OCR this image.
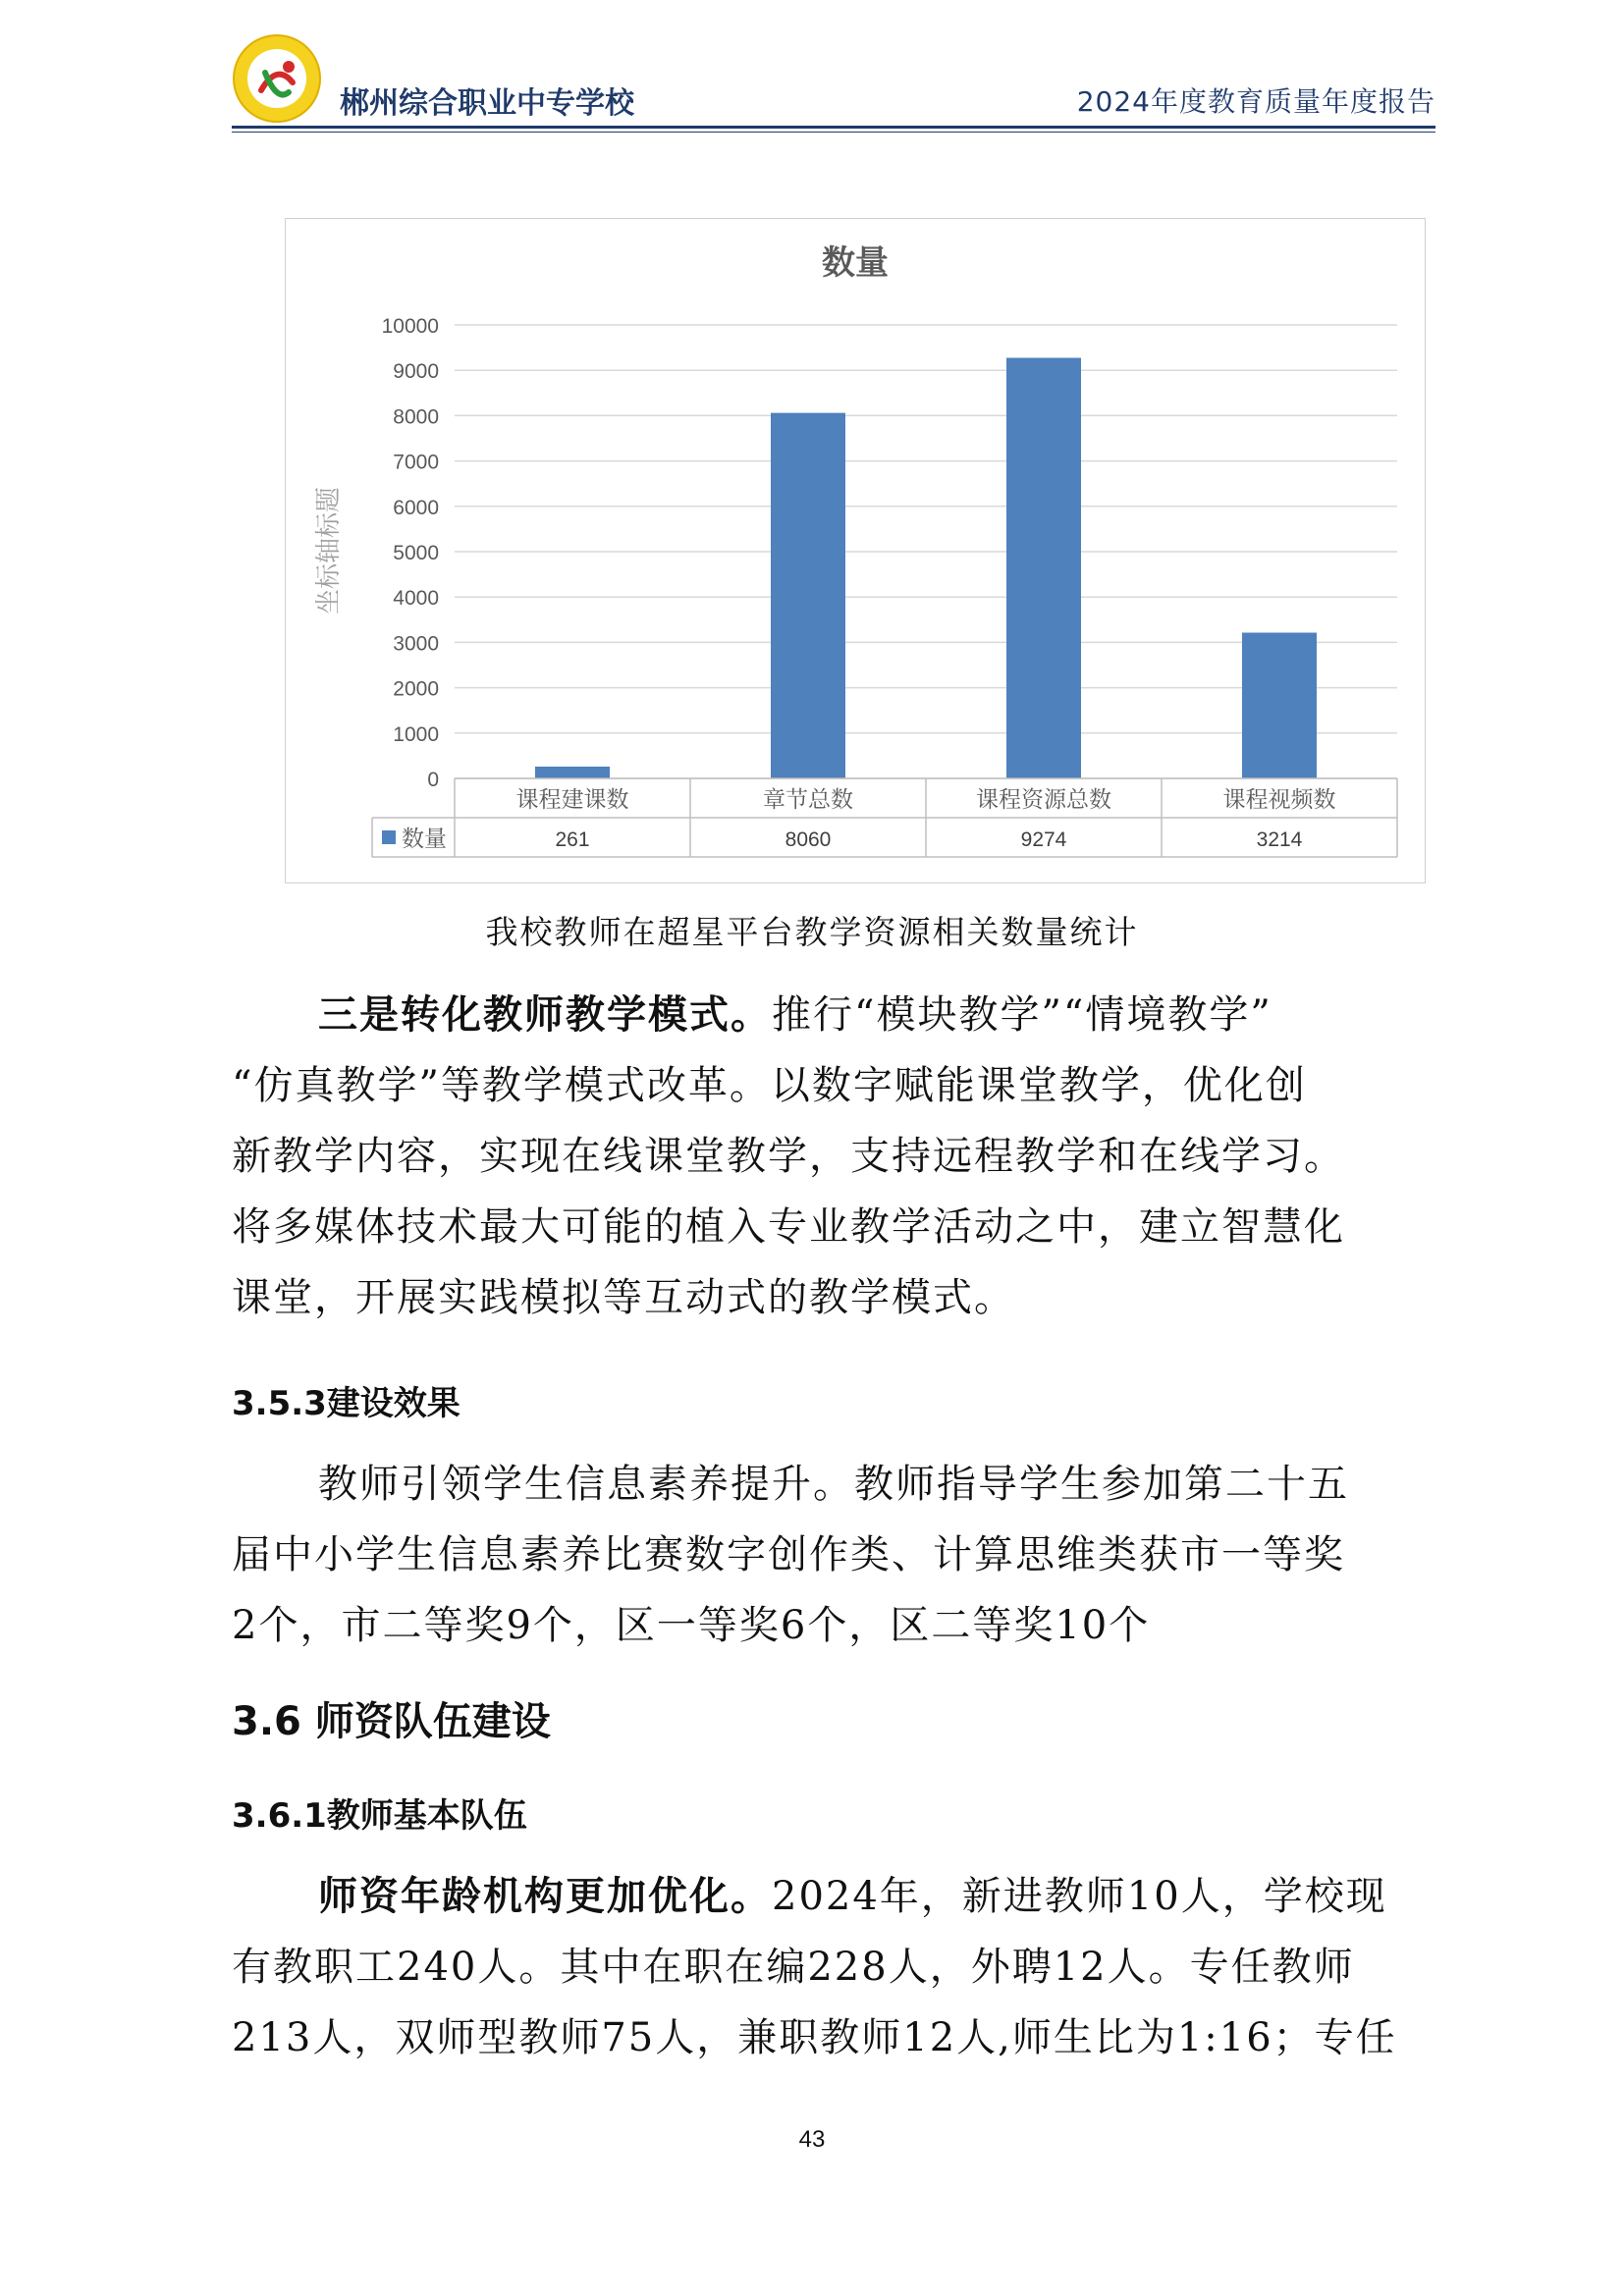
郴州综合职业中专学校	2024年度教育质量年度报告
数量
坐标轴标题
0
1000
2000
3000
4000
5000
6000
7000
8000
9000
10000
课程建课数
261
章节总数
8060
课程资源总数
9274
课程视频数
3214
数量
我校教师在超星平台教学资源相关数量统计
三是转化教师教学模式。推行“模块教学”“情境教学”
“仿真教学”等教学模式改革。以数字赋能课堂教学，优化创
新教学内容，实现在线课堂教学，支持远程教学和在线学习。
将多媒体技术最大可能的植入专业教学活动之中，建立智慧化
课堂，开展实践模拟等互动式的教学模式。
3.5.3建设效果
教师引领学生信息素养提升。教师指导学生参加第二十五
届中小学生信息素养比赛数字创作类、计算思维类获市一等奖
2个，市二等奖9个，区一等奖6个，区二等奖10个
3.6 师资队伍建设
3.6.1教师基本队伍
师资年龄机构更加优化。2024年，新进教师10人，学校现
有教职工240人。其中在职在编228人，外聘12人。专任教师
213人，双师型教师75人，兼职教师12人,师生比为1:16；专任
43
